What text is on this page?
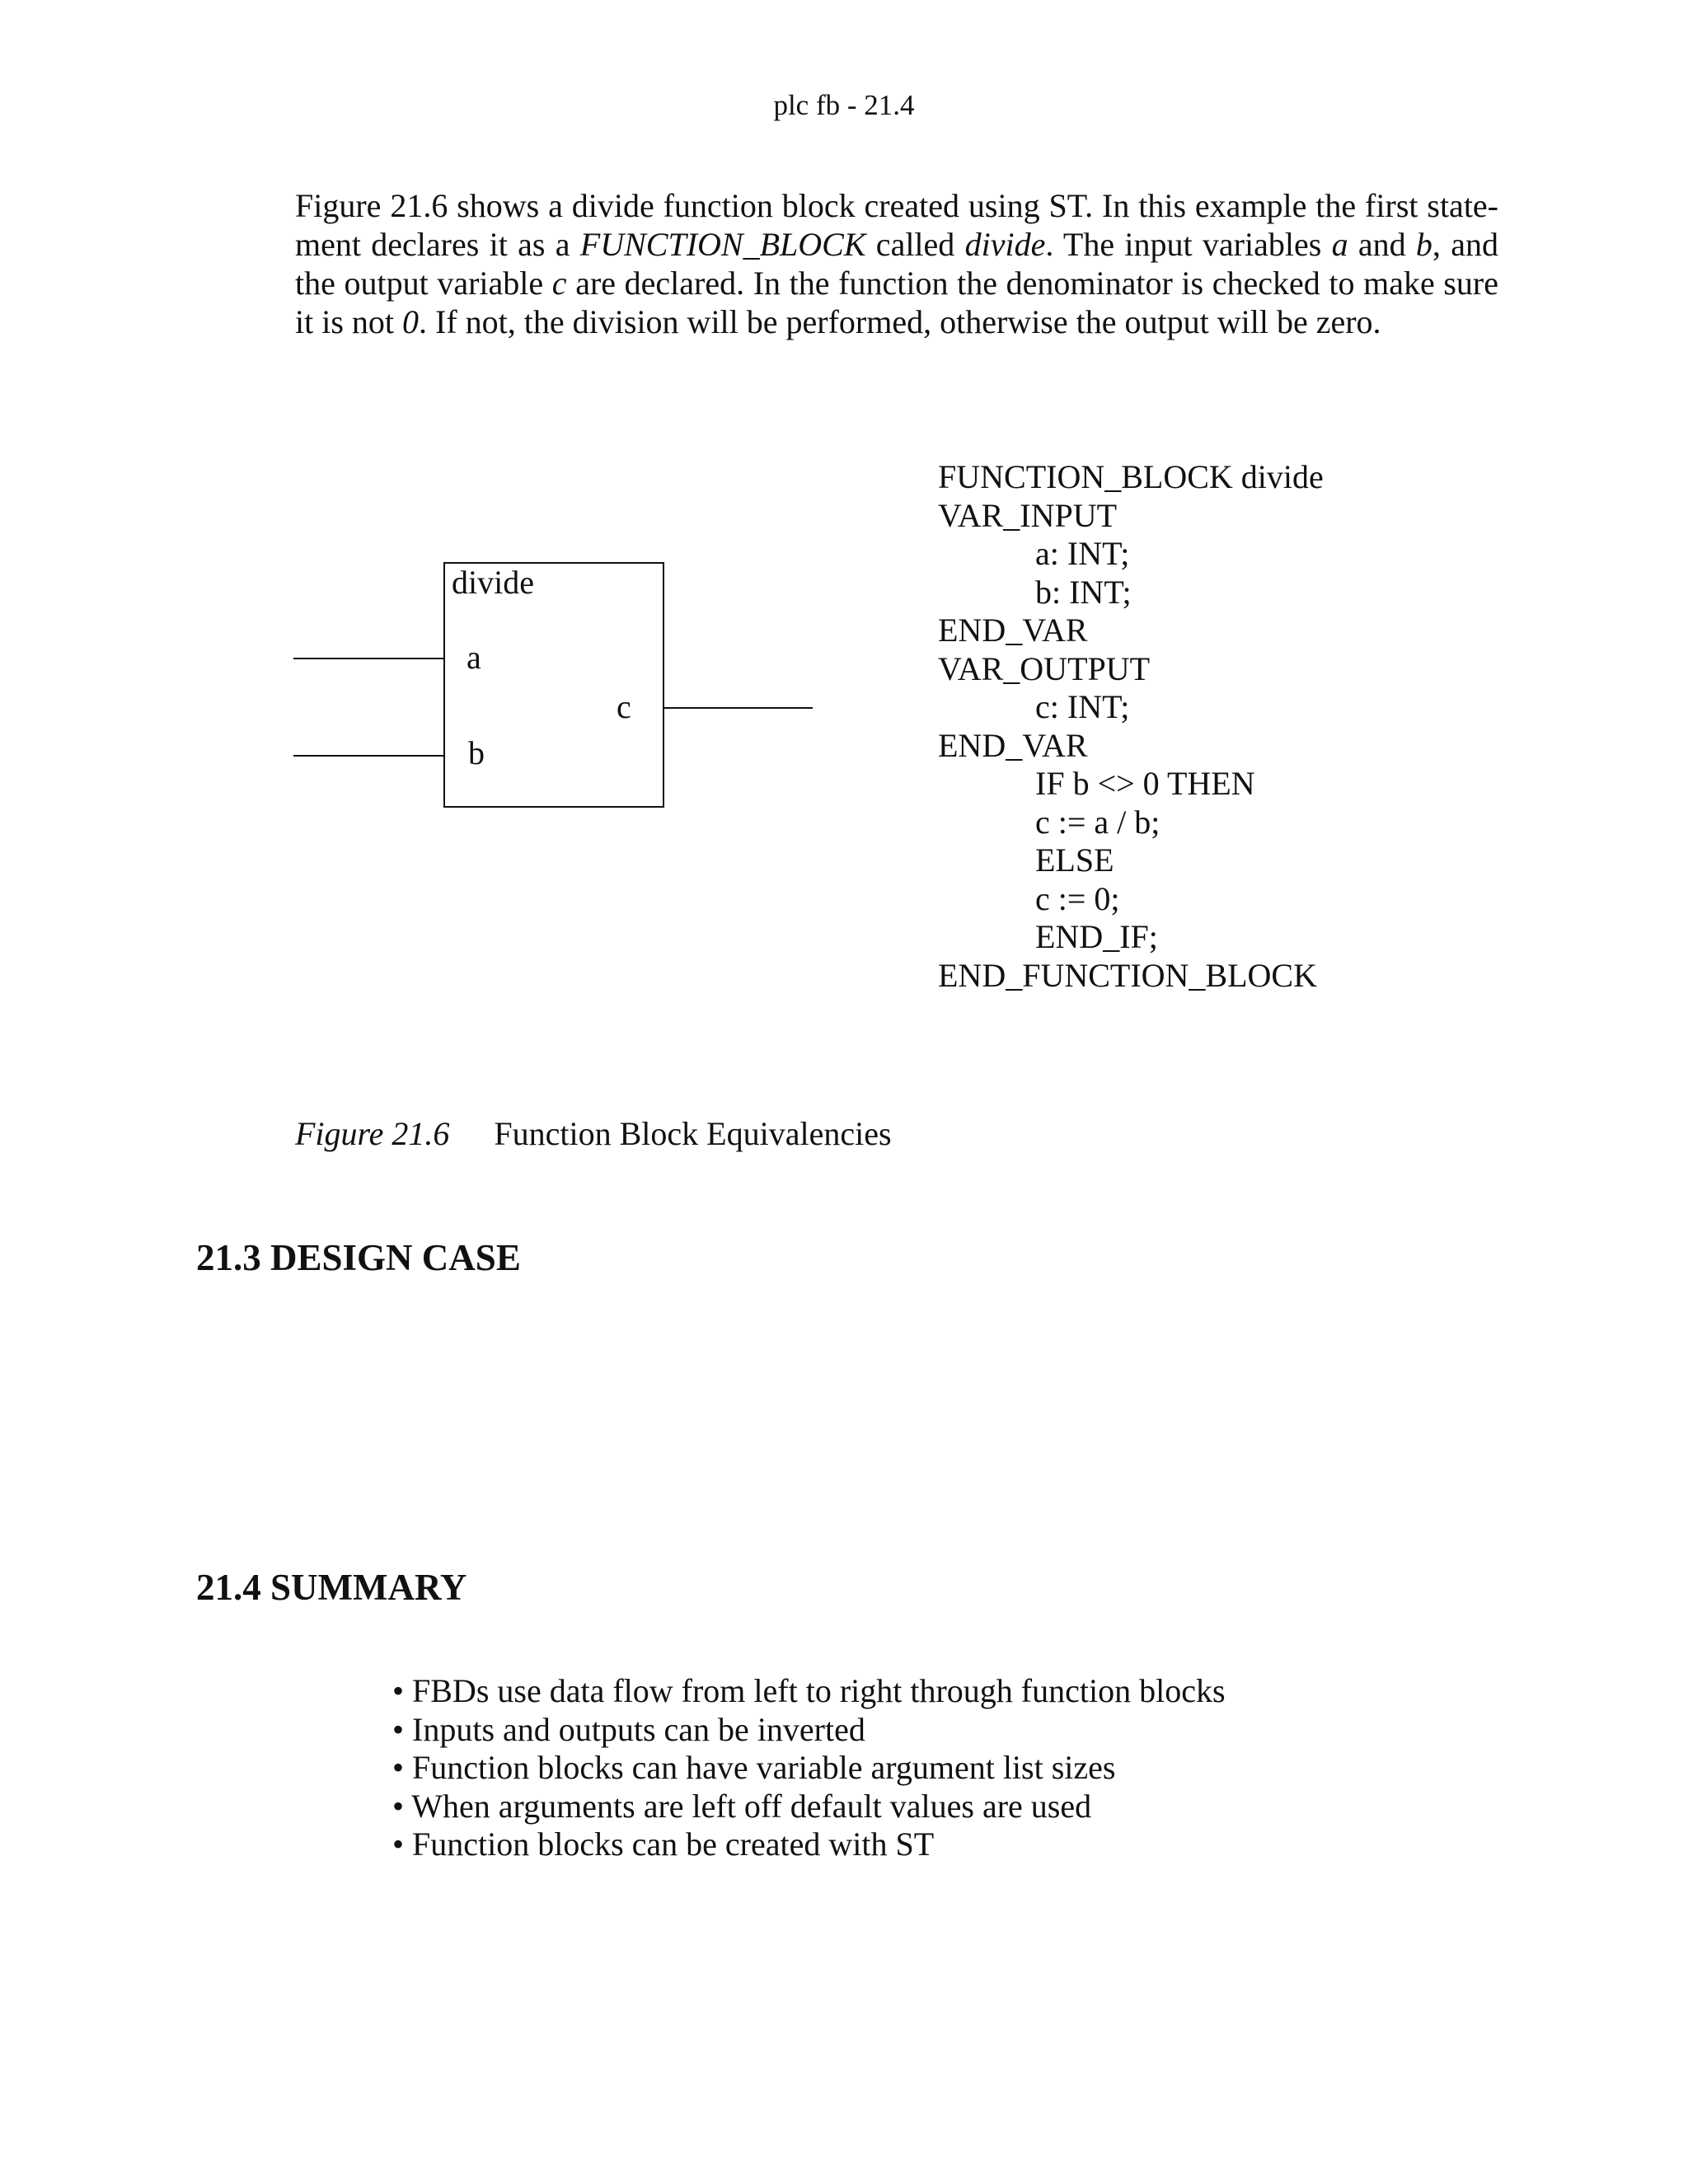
plc fb - 21.4
Figure 21.6 shows a divide function block created using ST. In this example the first state-
ment declares it as a FUNCTION_BLOCK called divide. The input variables a and b, and
the output variable c are declared. In the function the denominator is checked to make sure
it is not 0. If not, the division will be performed, otherwise the output will be zero.
divide
a
b
c
FUNCTION_BLOCK divide
VAR_INPUT
a: INT;
b: INT;
END_VAR
VAR_OUTPUT
c: INT;
END_VAR
IF b <> 0 THEN
c := a / b;
ELSE
c := 0;
END_IF;
END_FUNCTION_BLOCK
Figure 21.6 Function Block Equivalencies
21.3 DESIGN CASE
21.4 SUMMARY
• FBDs use data flow from left to right through function blocks
• Inputs and outputs can be inverted
• Function blocks can have variable argument list sizes
• When arguments are left off default values are used
• Function blocks can be created with ST
